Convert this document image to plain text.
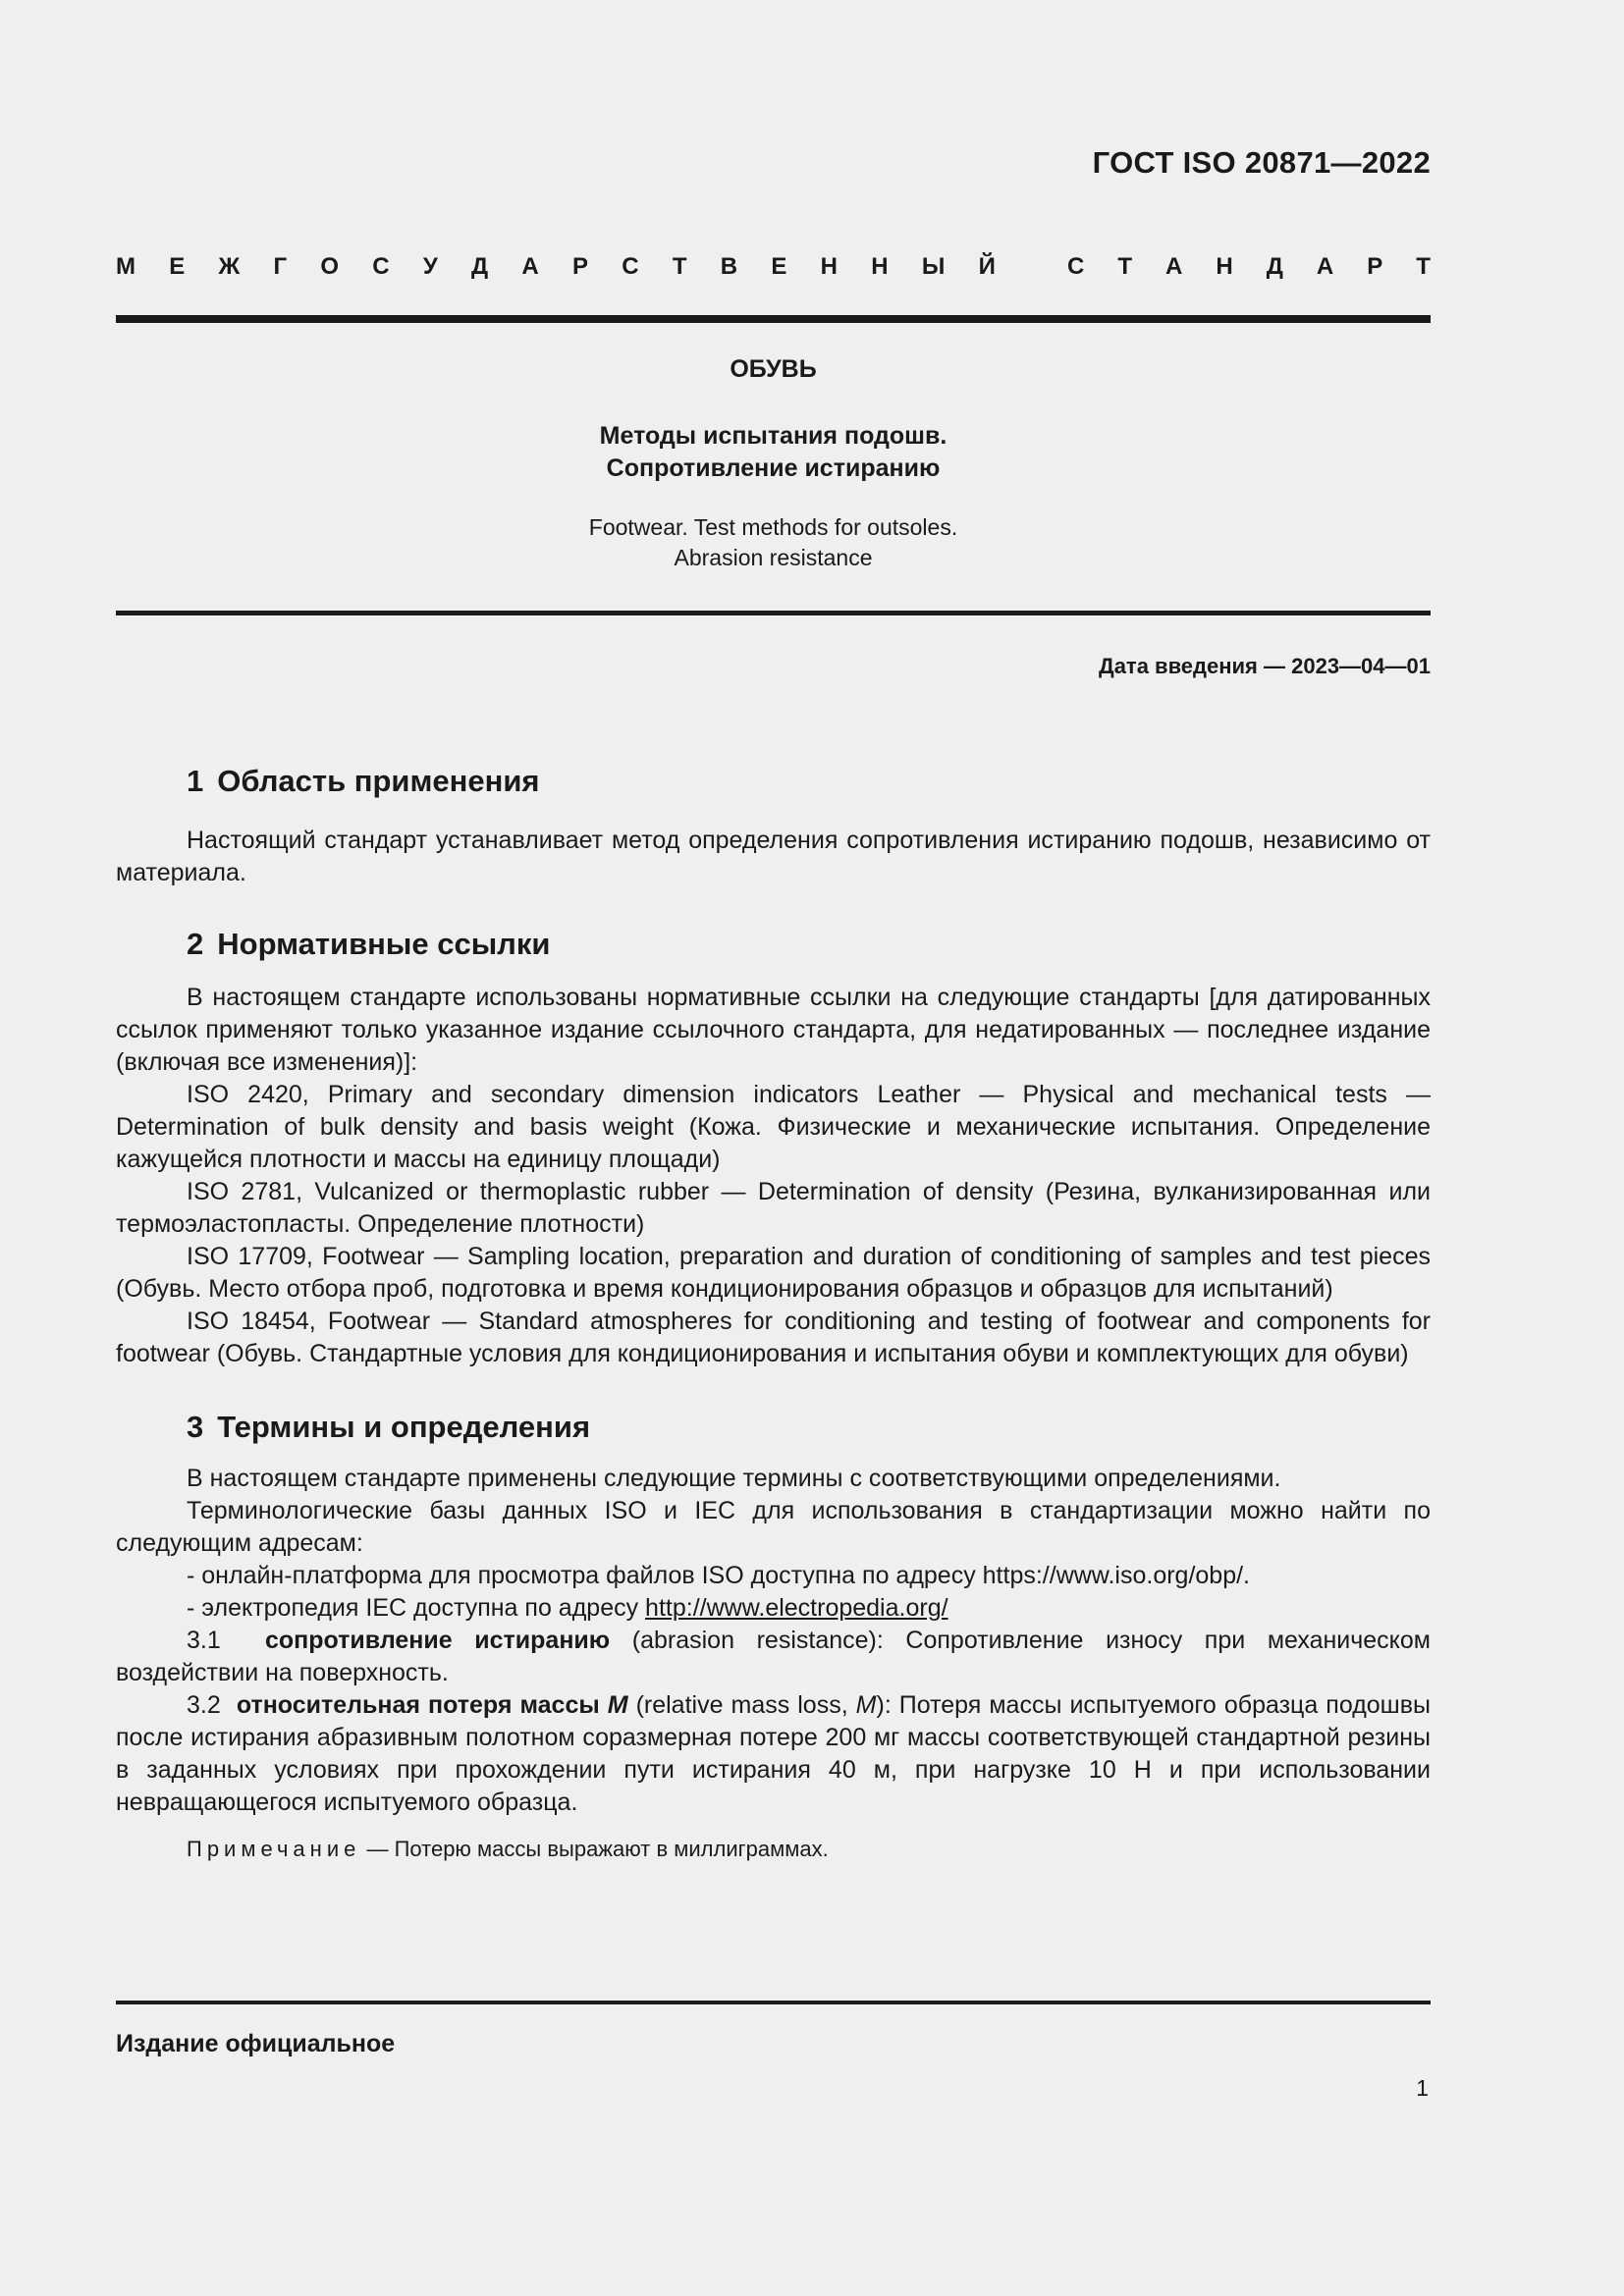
ГОСТ ISO 20871—2022
М Е Ж Г О С У Д А Р С Т В Е Н Н Ы Й	С Т А Н Д А Р Т
ОБУВЬ
Методы испытания подошв.
Сопротивление истиранию
Footwear. Test methods for outsoles.
Abrasion resistance
Дата введения — 2023—04—01
1 Область применения

Настоящий стандарт устанавливает метод определения сопротивления истиранию подошв, независимо от материала.

2 Нормативные ссылки

В настоящем стандарте использованы нормативные ссылки на следующие стандарты [для датированных ссылок применяют только указанное издание ссылочного стандарта, для недатированных — последнее издание (включая все изменения)]:

ISO 2420, Primary and secondary dimension indicators Leather — Physical and mechanical tests — Determination of bulk density and basis weight (Кожа. Физические и механические испытания. Определение кажущейся плотности и массы на единицу площади)

ISO 2781, Vulcanized or thermoplastic rubber — Determination of density (Резина, вулканизированная или термоэластопласты. Определение плотности)

ISO 17709, Footwear — Sampling location, preparation and duration of conditioning of samples and test pieces (Обувь. Место отбора проб, подготовка и время кондиционирования образцов и образцов для испытаний)

ISO 18454, Footwear — Standard atmospheres for conditioning and testing of footwear and components for footwear (Обувь. Стандартные условия для кондиционирования и испытания обуви и комплектующих для обуви)

3 Термины и определения

В настоящем стандарте применены следующие термины с соответствующими определениями.

Терминологические базы данных ISO и IEC для использования в стандартизации можно найти по следующим адресам:

- онлайн-платформа для просмотра файлов ISO доступна по адресу https://www.iso.org/obp/.

- электропедия IEC доступна по адресу http://www.electropedia.org/

3.1 сопротивление истиранию (abrasion resistance): Сопротивление износу при механическом воздействии на поверхность.

3.2 относительная потеря массы M (relative mass loss, M): Потеря массы испытуемого образца подошвы после истирания абразивным полотном соразмерная потере 200 мг массы соответствующей стандартной резины в заданных условиях при прохождении пути истирания 40 м, при нагрузке 10 Н и при использовании невращающегося испытуемого образца.

Примечание — Потерю массы выражают в миллиграммах.

Издание официальное
1
